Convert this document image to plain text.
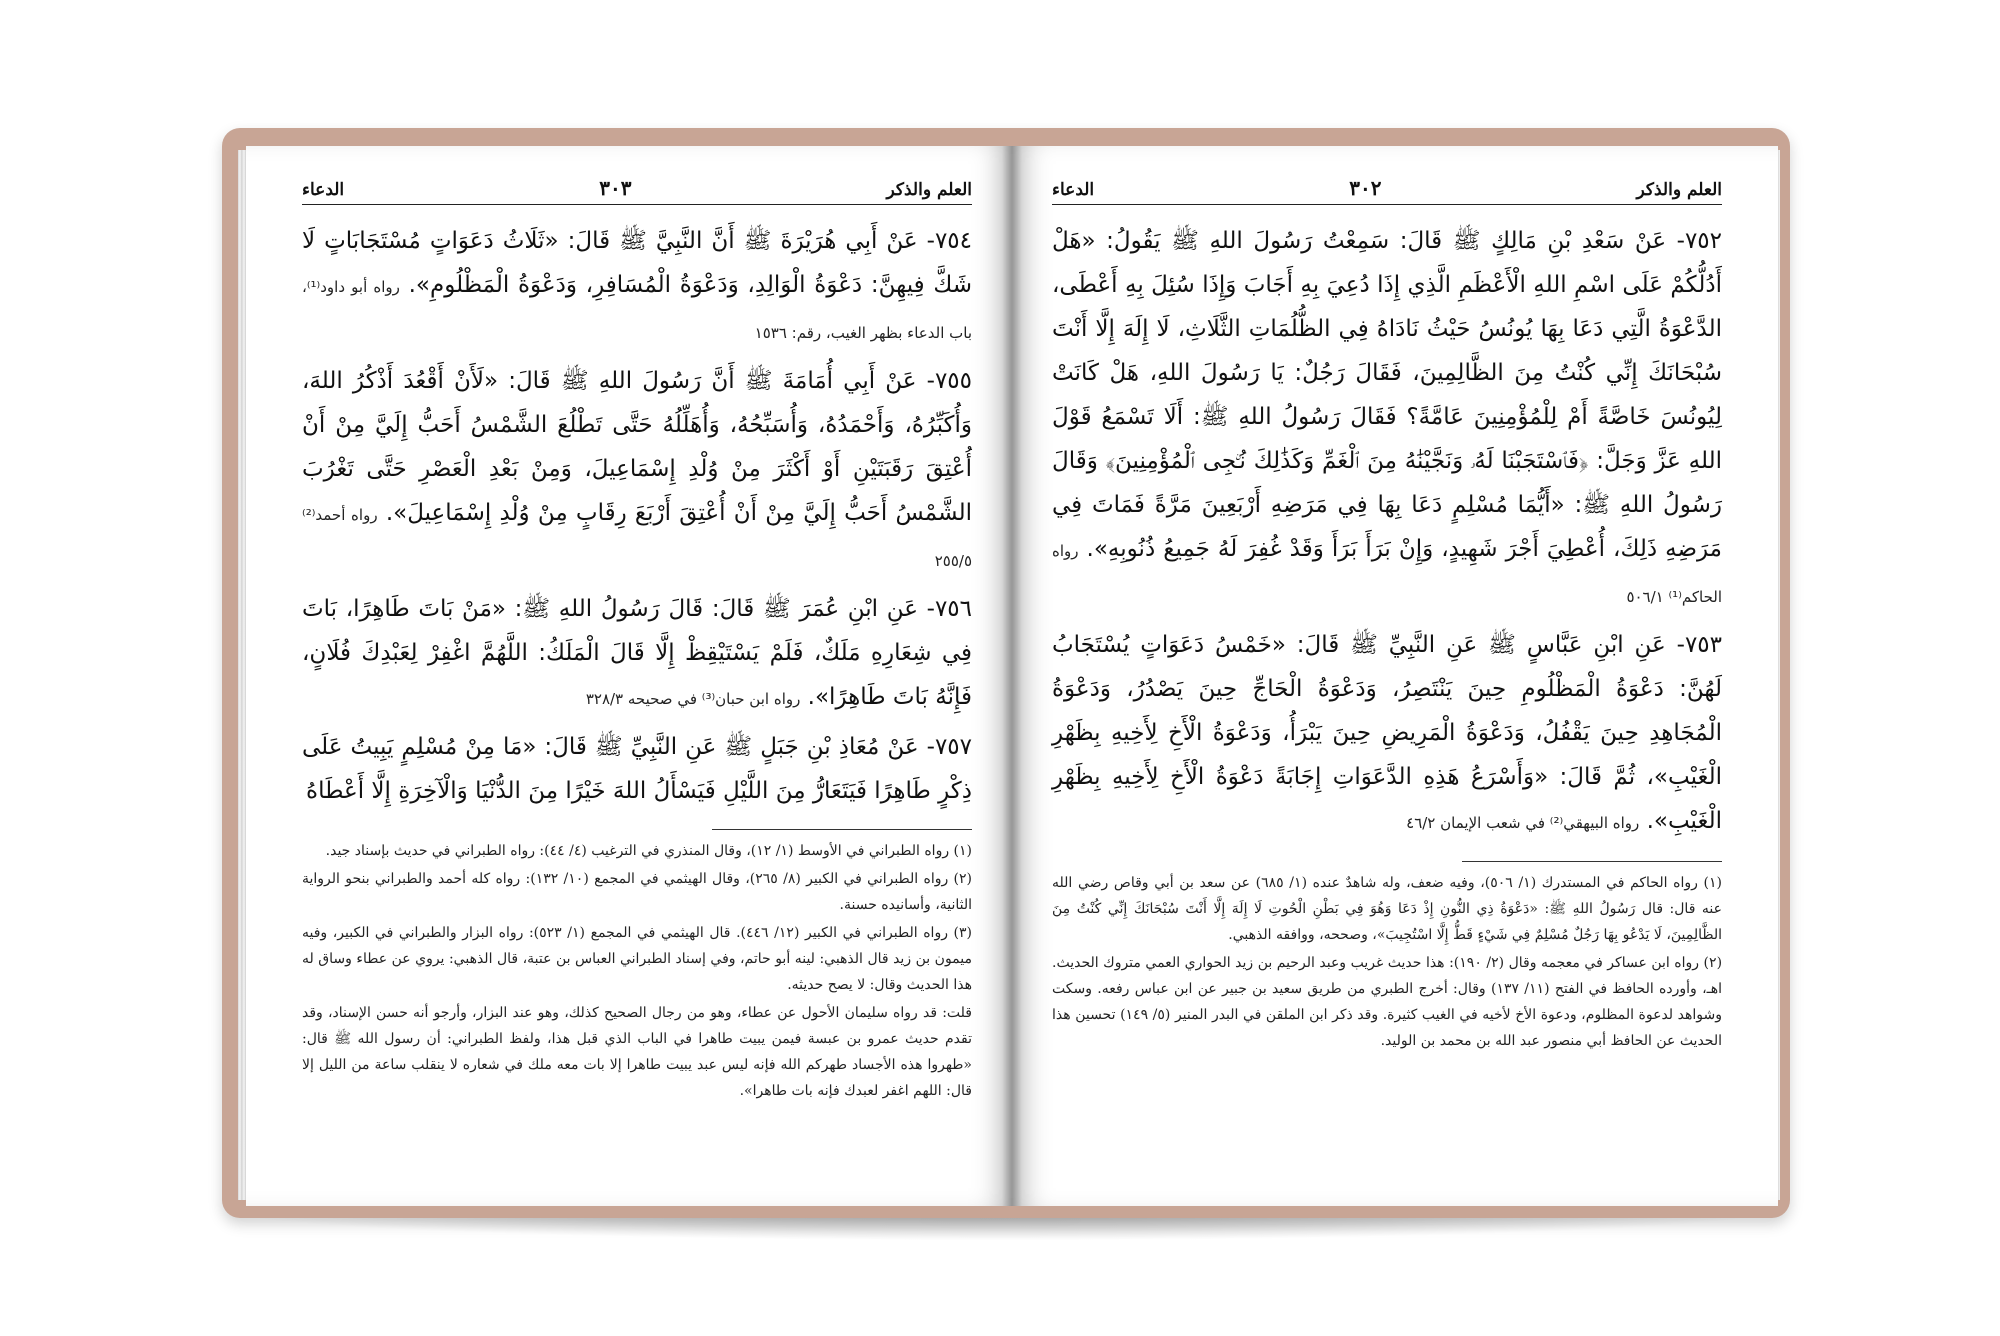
العلم والذكر
٣٠٣
الدعاء

٧٥٤- عَنْ أَبِي هُرَيْرَةَ ﷺ أَنَّ النَّبِيَّ ﷺ قَالَ: «ثَلَاثُ دَعَوَاتٍ مُسْتَجَابَاتٍ لَا شَكَّ فِيهِنَّ: دَعْوَةُ الْوَالِدِ، وَدَعْوَةُ الْمُسَافِرِ، وَدَعْوَةُ الْمَظْلُومِ». رواه أبو داود⁽¹⁾، باب الدعاء بظهر الغيب، رقم: ١٥٣٦

٧٥٥- عَنْ أَبِي أُمَامَةَ ﷺ أَنَّ رَسُولَ اللهِ ﷺ قَالَ: «لَأَنْ أَقْعُدَ أَذْكُرُ اللهَ، وَأُكَبِّرُهُ، وَأَحْمَدُهُ، وَأُسَبِّحُهُ، وَأُهَلِّلُهُ حَتَّى تَطْلُعَ الشَّمْسُ أَحَبُّ إِلَيَّ مِنْ أَنْ أُعْتِقَ رَقَبَتَيْنِ أَوْ أَكْثَرَ مِنْ وُلْدِ إِسْمَاعِيلَ، وَمِنْ بَعْدِ الْعَصْرِ حَتَّى تَغْرُبَ الشَّمْسُ أَحَبُّ إِلَيَّ مِنْ أَنْ أُعْتِقَ أَرْبَعَ رِقَابٍ مِنْ وُلْدِ إِسْمَاعِيلَ». رواه أحمد⁽²⁾ ٢٥٥/٥

٧٥٦- عَنِ ابْنِ عُمَرَ ﷺ قَالَ: قَالَ رَسُولُ اللهِ ﷺ: «مَنْ بَاتَ طَاهِرًا، بَاتَ فِي شِعَارِهِ مَلَكٌ، فَلَمْ يَسْتَيْقِظْ إِلَّا قَالَ الْمَلَكُ: اللَّهُمَّ اغْفِرْ لِعَبْدِكَ فُلَانٍ، فَإِنَّهُ بَاتَ طَاهِرًا». رواه ابن حبان⁽³⁾ في صحيحه ٣٢٨/٣

٧٥٧- عَنْ مُعَاذِ بْنِ جَبَلٍ ﷺ عَنِ النَّبِيِّ ﷺ قَالَ: «مَا مِنْ مُسْلِمٍ يَبِيتُ عَلَى ذِكْرٍ طَاهِرًا فَيَتَعَارُّ مِنَ اللَّيْلِ فَيَسْأَلُ اللهَ خَيْرًا مِنَ الدُّنْيَا وَالْآخِرَةِ إِلَّا أَعْطَاهُ

(١) رواه الطبراني في الأوسط (١/ ١٢)، وقال المنذري في الترغيب (٤/ ٤٤): رواه الطبراني في حديث بإسناد جيد.

(٢) رواه الطبراني في الكبير (٨/ ٢٦٥)، وقال الهيثمي في المجمع (١٠/ ١٣٢): رواه كله أحمد والطبراني بنحو الرواية الثانية، وأسانيده حسنة.

(٣) رواه الطبراني في الكبير (١٢/ ٤٤٦). قال الهيثمي في المجمع (١/ ٥٢٣): رواه البزار والطبراني في الكبير، وفيه ميمون بن زيد قال الذهبي: لينه أبو حاتم، وفي إسناد الطبراني العباس بن عتبة، قال الذهبي: يروي عن عطاء وساق له هذا الحديث وقال: لا يصح حديثه.

قلت: قد رواه سليمان الأحول عن عطاء، وهو من رجال الصحيح كذلك، وهو عند البزار، وأرجو أنه حسن الإسناد، وقد تقدم حديث عمرو بن عبسة فيمن يبيت طاهرا في الباب الذي قبل هذا، ولفظ الطبراني: أن رسول الله ﷺ قال: «طهروا هذه الأجساد طهركم الله فإنه ليس عبد يبيت طاهرا إلا بات معه ملك في شعاره لا ينقلب ساعة من الليل إلا قال: اللهم اغفر لعبدك فإنه بات طاهرا».

العلم والذكر
٣٠٢
الدعاء

٧٥٢- عَنْ سَعْدِ بْنِ مَالِكٍ ﷺ قَالَ: سَمِعْتُ رَسُولَ اللهِ ﷺ يَقُولُ: «هَلْ أَدُلُّكُمْ عَلَى اسْمِ اللهِ الْأَعْظَمِ الَّذِي إِذَا دُعِيَ بِهِ أَجَابَ وَإِذَا سُئِلَ بِهِ أَعْطَى، الدَّعْوَةُ الَّتِي دَعَا بِهَا يُونُسُ حَيْثُ نَادَاهُ فِي الظُّلُمَاتِ الثَّلَاثِ، لَا إِلَهَ إِلَّا أَنْتَ سُبْحَانَكَ إِنِّي كُنْتُ مِنَ الظَّالِمِينَ، فَقَالَ رَجُلٌ: يَا رَسُولَ اللهِ، هَلْ كَانَتْ لِيُونُسَ خَاصَّةً أَمْ لِلْمُؤْمِنِينَ عَامَّةً؟ فَقَالَ رَسُولُ اللهِ ﷺ: أَلَا تَسْمَعُ قَوْلَ اللهِ عَزَّ وَجَلَّ: ﴿فَٱسْتَجَبْنَا لَهُۥ وَنَجَّيْنَٰهُ مِنَ ٱلْغَمِّ وَكَذَٰلِكَ نُـۨجِى ٱلْمُؤْمِنِينَ﴾ وَقَالَ رَسُولُ اللهِ ﷺ: «أَيُّمَا مُسْلِمٍ دَعَا بِهَا فِي مَرَضِهِ أَرْبَعِينَ مَرَّةً فَمَاتَ فِي مَرَضِهِ ذَلِكَ، أُعْطِيَ أَجْرَ شَهِيدٍ، وَإِنْ بَرَأَ بَرَأَ وَقَدْ غُفِرَ لَهُ جَمِيعُ ذُنُوبِهِ». رواه الحاكم⁽¹⁾ ٥٠٦/١

٧٥٣- عَنِ ابْنِ عَبَّاسٍ ﷺ عَنِ النَّبِيِّ ﷺ قَالَ: «خَمْسُ دَعَوَاتٍ يُسْتَجَابُ لَهُنَّ: دَعْوَةُ الْمَظْلُومِ حِينَ يَنْتَصِرُ، وَدَعْوَةُ الْحَاجِّ حِينَ يَصْدُرُ، وَدَعْوَةُ الْمُجَاهِدِ حِينَ يَقْفُلُ، وَدَعْوَةُ الْمَرِيضِ حِينَ يَبْرَأُ، وَدَعْوَةُ الْأَخِ لِأَخِيهِ بِظَهْرِ الْغَيْبِ»، ثُمَّ قَالَ: «وَأَسْرَعُ هَذِهِ الدَّعَوَاتِ إِجَابَةً دَعْوَةُ الْأَخِ لِأَخِيهِ بِظَهْرِ الْغَيْبِ». رواه البيهقي⁽²⁾ في شعب الإيمان ٤٦/٢

(١) رواه الحاكم في المستدرك (١/ ٥٠٦)، وفيه ضعف، وله شاهدٌ عنده (١/ ٦٨٥) عن سعد بن أبي وقاص رضي الله عنه قال: قال رَسُولُ اللهِ ﷺ: «دَعْوَةُ ذِي النُّونِ إِذْ دَعَا وَهُوَ فِي بَطْنِ الْحُوتِ لَا إِلَهَ إِلَّا أَنْتَ سُبْحَانَكَ إِنِّي كُنْتُ مِنَ الظَّالِمِينَ، لَا يَدْعُو بِهَا رَجُلٌ مُسْلِمٌ فِي شَيْءٍ قَطُّ إِلَّا اسْتُجِيبَ»، وصححه، ووافقه الذهبي.

(٢) رواه ابن عساكر في معجمه وقال (٢/ ١٩٠): هذا حديث غريب وعبد الرحيم بن زيد الحواري العمي متروك الحديث. اهـ، وأورده الحافظ في الفتح (١١/ ١٣٧) وقال: أخرج الطبري من طريق سعيد بن جبير عن ابن عباس رفعه. وسكت وشواهد لدعوة المظلوم، ودعوة الأخ لأخيه في الغيب كثيرة. وقد ذكر ابن الملقن في البدر المنير (٥/ ١٤٩) تحسين هذا الحديث عن الحافظ أبي منصور عبد الله بن محمد بن الوليد.
